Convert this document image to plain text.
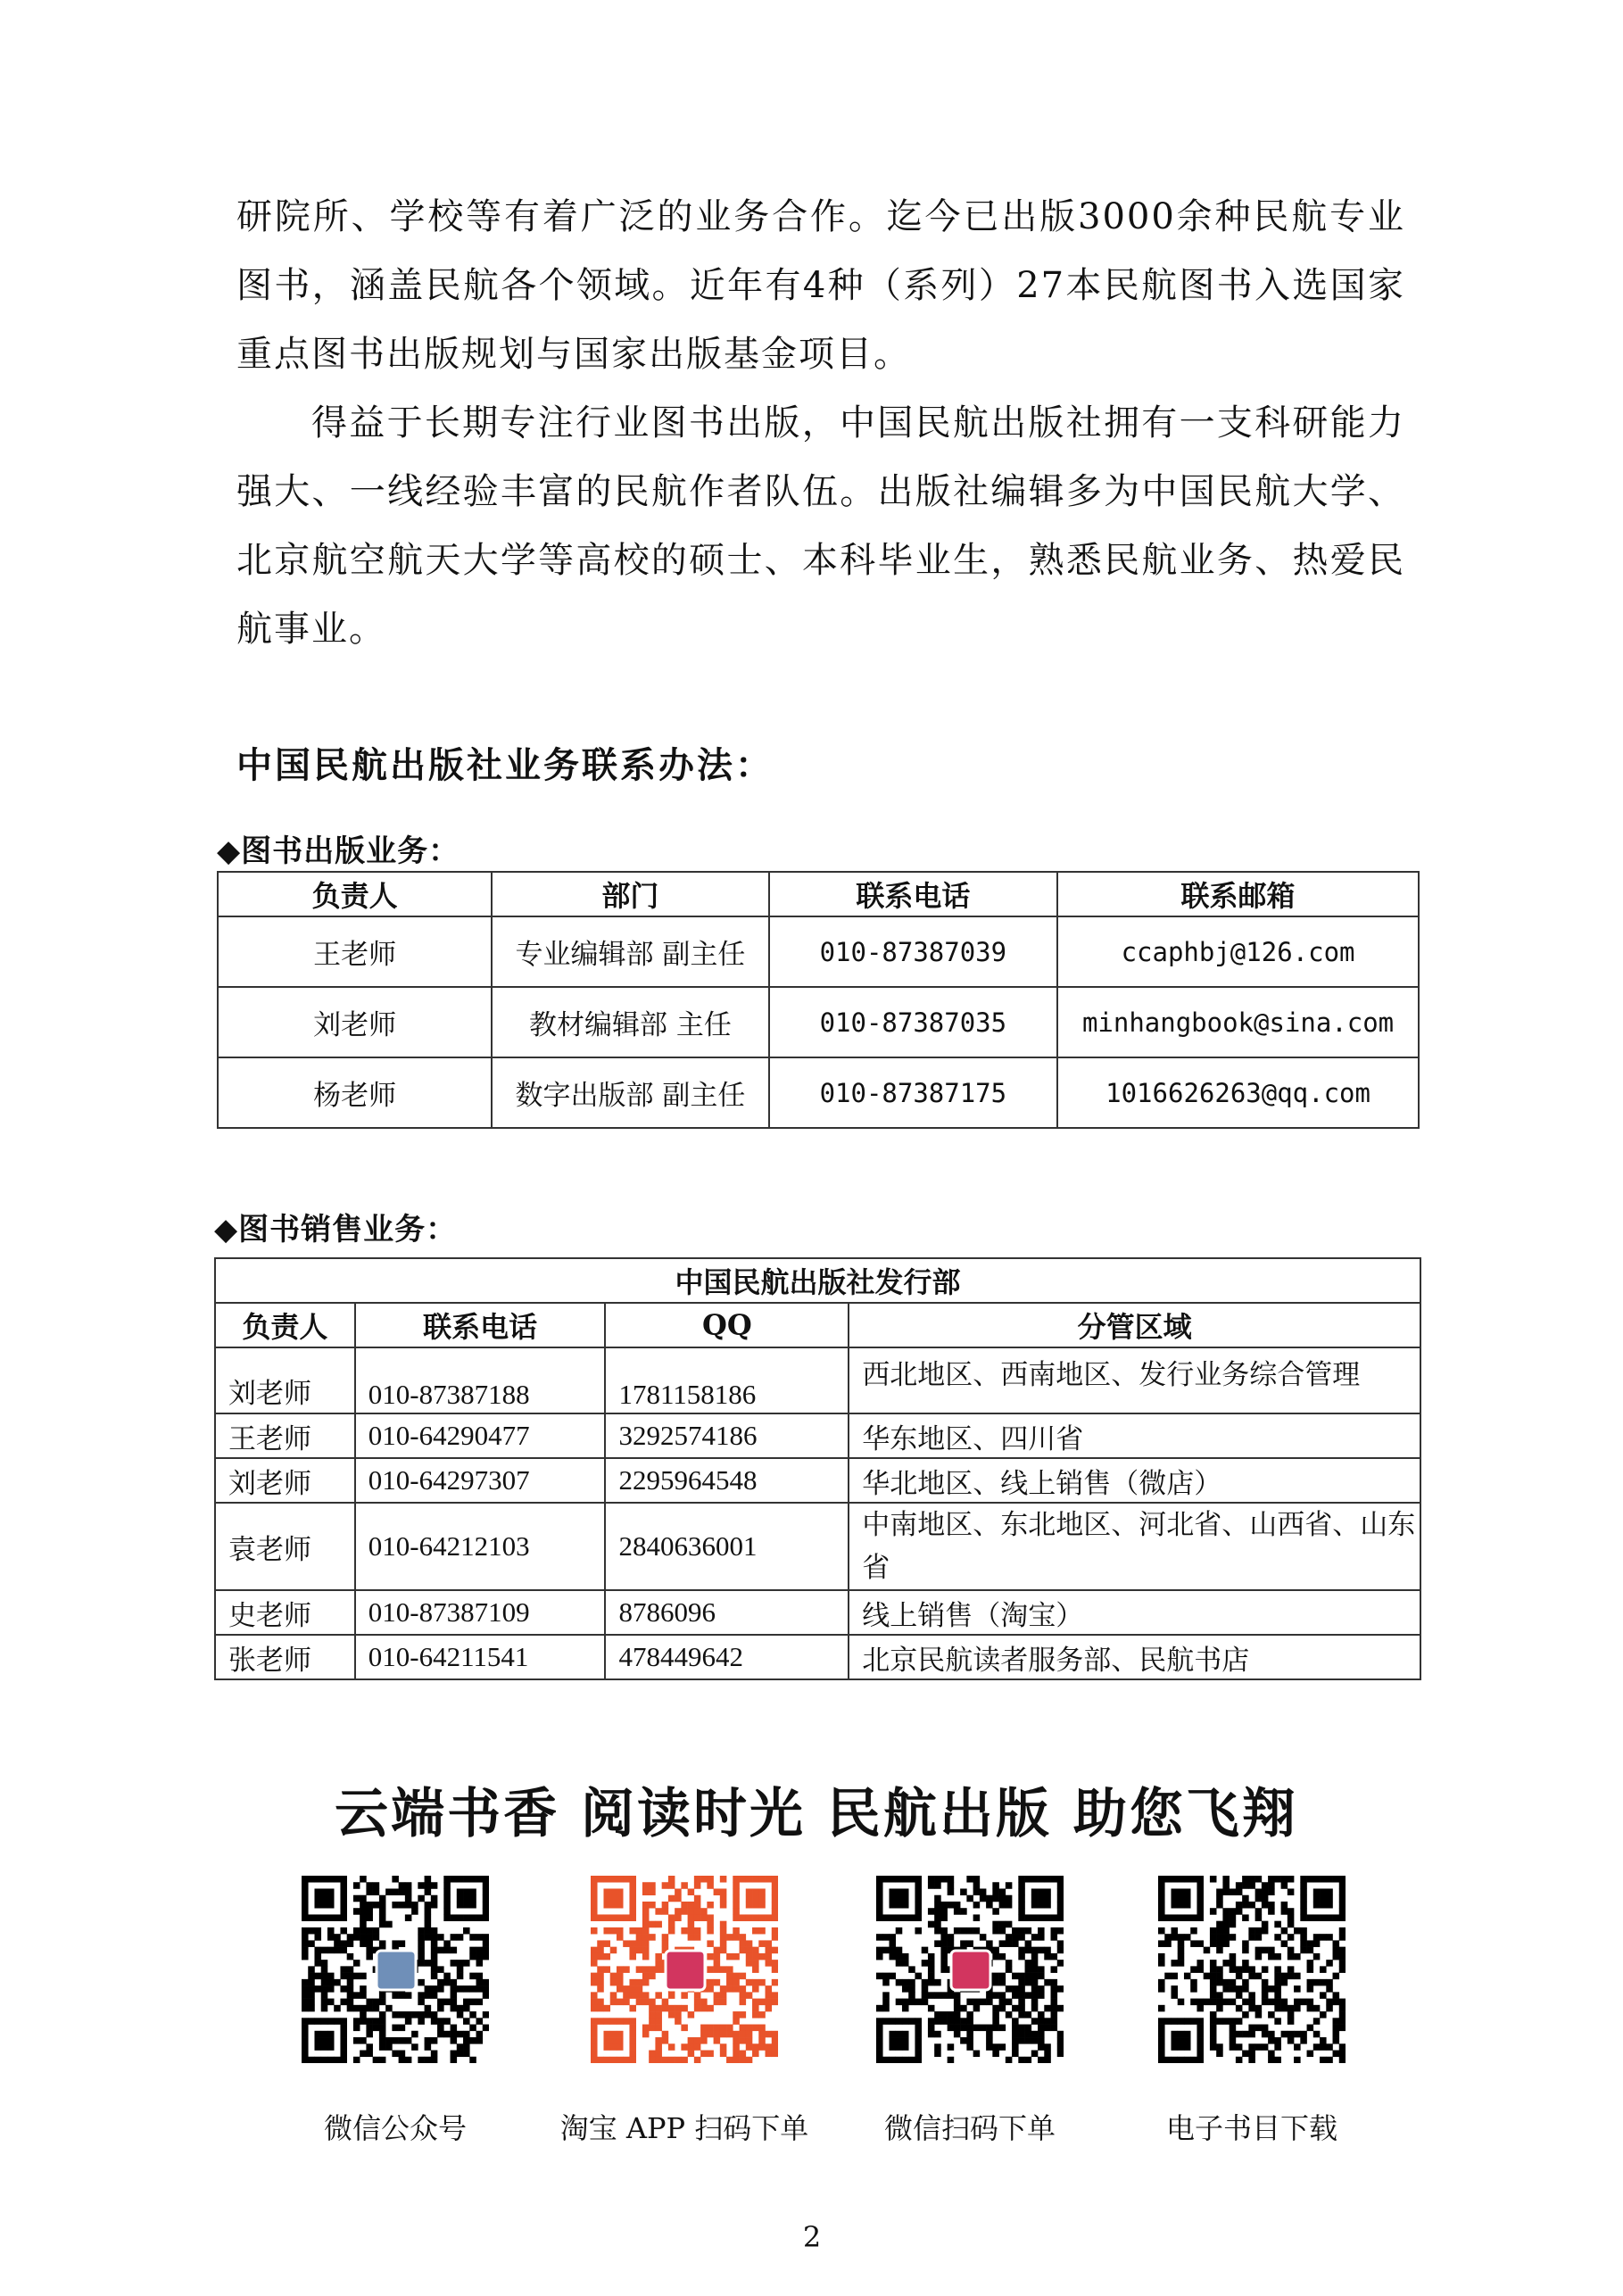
研院所、学校等有着广泛的业务合作。迄今已出版3000余种民航专业图书，涵盖民航各个领域。近年有4种（系列）27本民航图书入选国家重点图书出版规划与国家出版基金项目。
得益于长期专注行业图书出版，中国民航出版社拥有一支科研能力强大、一线经验丰富的民航作者队伍。出版社编辑多为中国民航大学、北京航空航天大学等高校的硕士、本科毕业生，熟悉民航业务、热爱民航事业。
中国民航出版社业务联系办法：
◆图书出版业务：
负责人	部门	联系电话	联系邮箱
王老师	专业编辑部 副主任	010-87387039	ccaphbj@126.com
刘老师	教材编辑部 主任	010-87387035	minhangbook@sina.com
杨老师	数字出版部 副主任	010-87387175	1016626263@qq.com
◆图书销售业务：
中国民航出版社发行部			
负责人	联系电话	QQ	分管区域
刘老师	010-87387188	1781158186	西北地区、西南地区、发行业务综合管理
王老师	010-64290477	3292574186	华东地区、四川省
刘老师	010-64297307	2295964548	华北地区、线上销售（微店）
袁老师	010-64212103	2840636001	中南地区、东北地区、河北省、山西省、山东省
史老师	010-87387109	8786096	线上销售（淘宝）
张老师	010-64211541	478449642	北京民航读者服务部、民航书店
云端书香 阅读时光 民航出版 助您飞翔
微信公众号	淘宝 APP 扫码下单	微信扫码下单	电子书目下载
2
